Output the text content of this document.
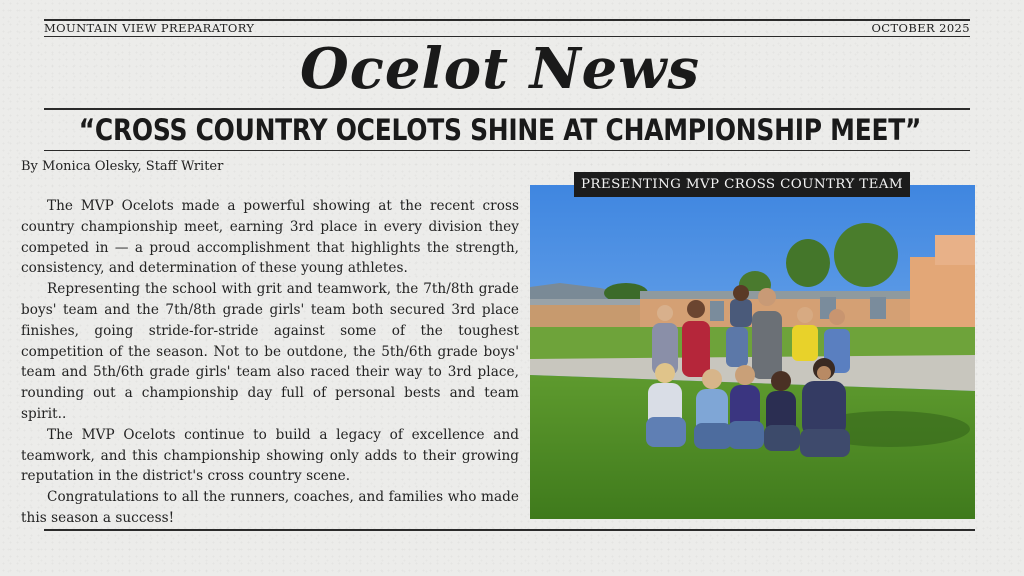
MOUNTAIN VIEW PREPARATORY	OCTOBER 2025
Ocelot News
“CROSS COUNTRY OCELOTS SHINE AT CHAMPIONSHIP MEET”
By Monica Olesky, Staff Writer

The MVP Ocelots made a powerful showing at the recent cross country championship meet, earning 3rd place in every division they competed in — a proud accomplishment that highlights the strength, consistency, and determination of these young athletes.

Representing the school with grit and teamwork, the 7th/8th grade boys' team and the 7th/8th grade girls' team both secured 3rd place finishes, going stride-for-stride against some of the toughest competition of the season. Not to be outdone, the 5th/6th grade boys' team and 5th/6th grade girls' team also raced their way to 3rd place, rounding out a championship day full of personal bests and team spirit..

The MVP Ocelots continue to build a legacy of excellence and teamwork, and this championship showing only adds to their growing reputation in the district's cross country scene.

Congratulations to all the runners, coaches, and families who made this season a success!

PRESENTING MVP CROSS COUNTRY TEAM
